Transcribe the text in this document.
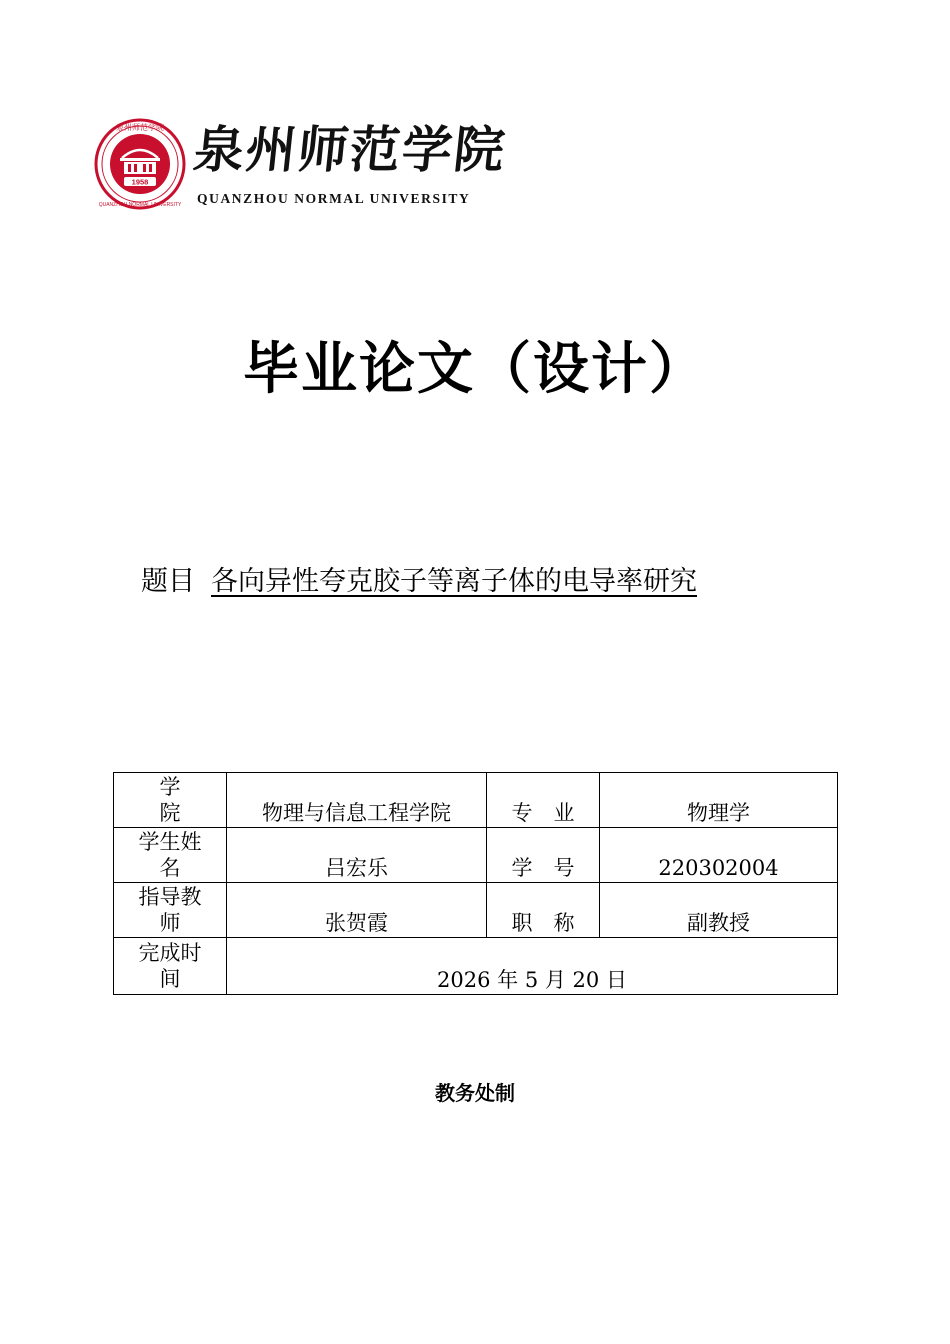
1958
泉州师范学院
QUANZHOU NORMAL UNIVERSITY
泉州师范学院
QUANZHOU NORMAL UNIVERSITY
毕业论文（设计）
题目 各向异性夸克胶子等离子体的电导率研究
学院	物理与信息工程学院	专　业	物理学
学生姓名	吕宏乐	学　号	220302004
指导教师	张贺霞	职　称	副教授
完成时间	2026 年 5 月 20 日		
教务处制
